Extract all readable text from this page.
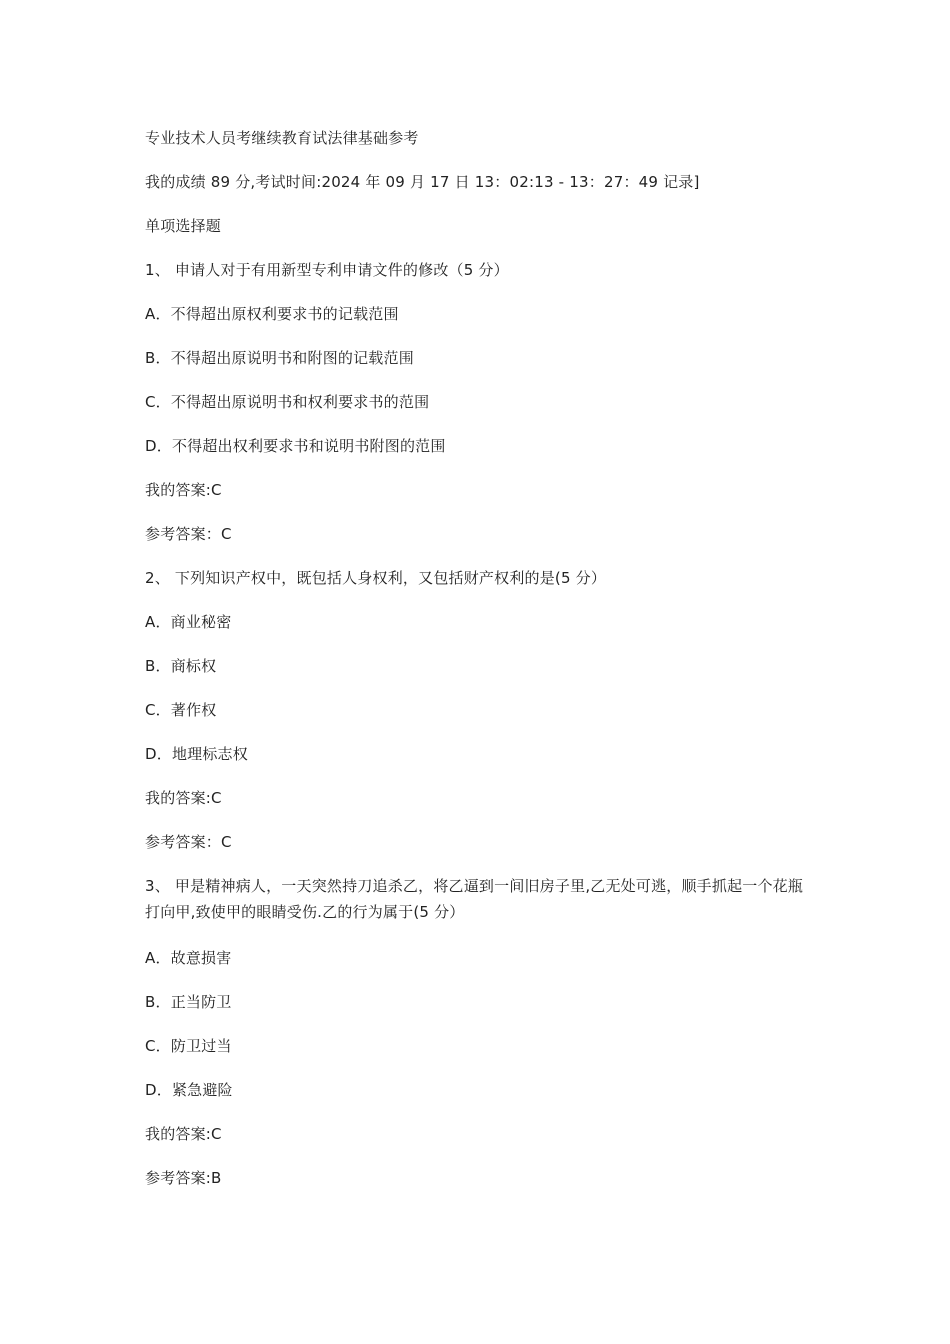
专业技术人员考继续教育试法律基础参考
我的成绩 89 分,考试时间:2024 年 09 月 17 日 13：02:13 - 13：27：49 记录]
单项选择题
1、 申请人对于有用新型专利申请文件的修改（5 分）
A．不得超出原权利要求书的记载范围
B．不得超出原说明书和附图的记载范围
C．不得超出原说明书和权利要求书的范围
D．不得超出权利要求书和说明书附图的范围
我的答案:C
参考答案：C
2、 下列知识产权中，既包括人身权利，又包括财产权利的是(5 分）
A．商业秘密
B．商标权
C．著作权
D．地理标志权
我的答案:C
参考答案：C
3、 甲是精神病人，一天突然持刀追杀乙，将乙逼到一间旧房子里,乙无处可逃，顺手抓起一个花瓶打向甲,致使甲的眼睛受伤.乙的行为属于(5 分）
A．故意损害
B．正当防卫
C．防卫过当
D．紧急避险
我的答案:C
参考答案:B
